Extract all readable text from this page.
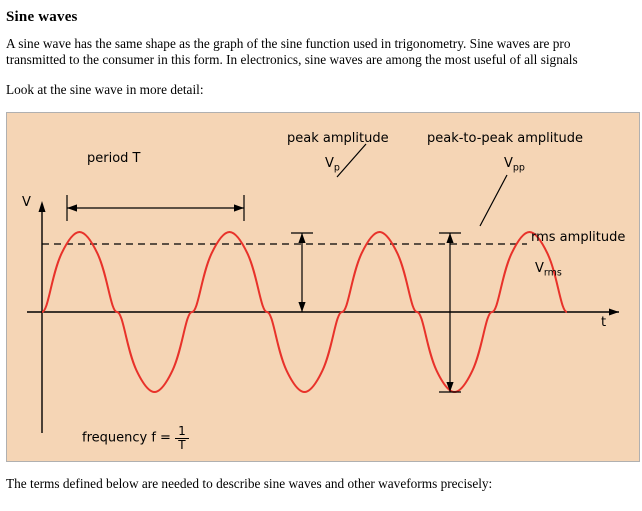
Sine waves

A sine wave has the same shape as the graph of the sine function used in trigonometry. Sine waves are pro

transmitted to the consumer in this form. In electronics, sine waves are among the most useful of all signals

Look at the sine wave in more detail:

period T
peak amplitude
$V_p$
peak-to-peak amplitude
$V_{pp}$
rms amplitude
$V_{rms}$
V
t
frequency $f = \frac{1}{T}$

The terms defined below are needed to describe sine waves and other waveforms precisely:
